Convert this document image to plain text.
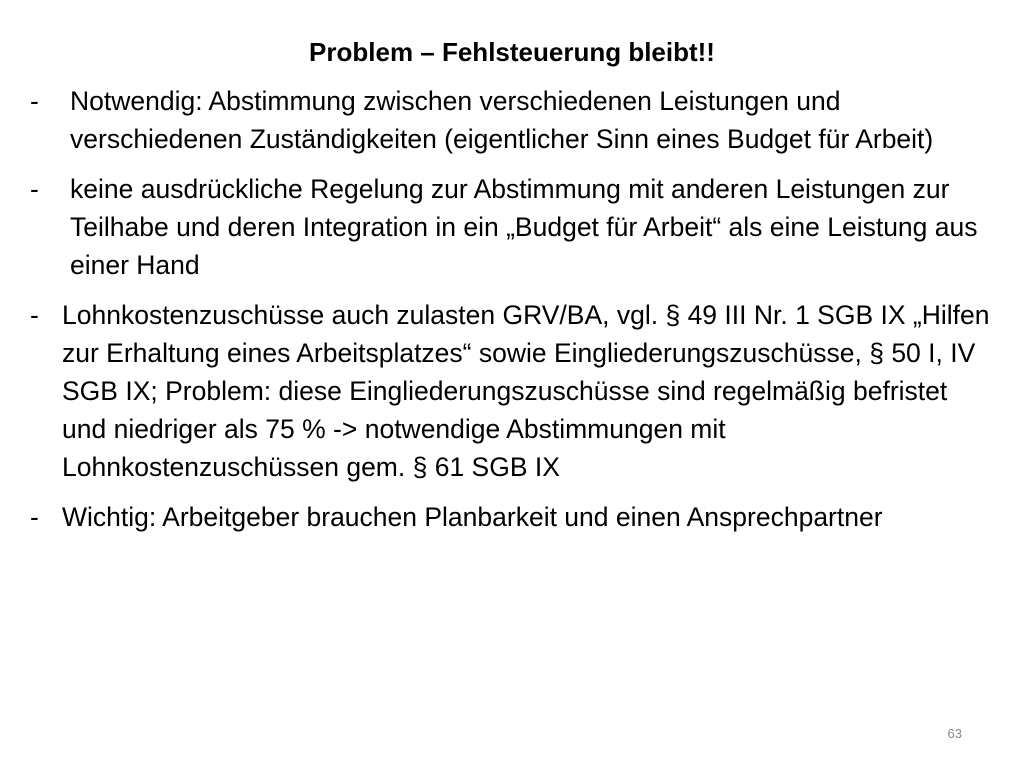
Problem – Fehlsteuerung bleibt!!
- Notwendig: Abstimmung zwischen verschiedenen Leistungen und verschiedenen Zuständigkeiten (eigentlicher Sinn eines Budget für Arbeit)
- keine ausdrückliche Regelung zur Abstimmung mit anderen Leistungen zur Teilhabe und deren Integration in ein „Budget für Arbeit“ als eine Leistung aus einer Hand
- Lohnkostenzuschüsse auch zulasten GRV/BA, vgl. § 49 III Nr. 1 SGB IX „Hilfen zur Erhaltung eines Arbeitsplatzes“ sowie Eingliederungszuschüsse, § 50 I, IV SGB IX; Problem: diese Eingliederungszuschüsse sind regelmäßig befristet und niedriger als 75 % -> notwendige Abstimmungen mit Lohnkostenzuschüssen gem. § 61 SGB IX
- Wichtig: Arbeitgeber brauchen Planbarkeit und einen Ansprechpartner
63
